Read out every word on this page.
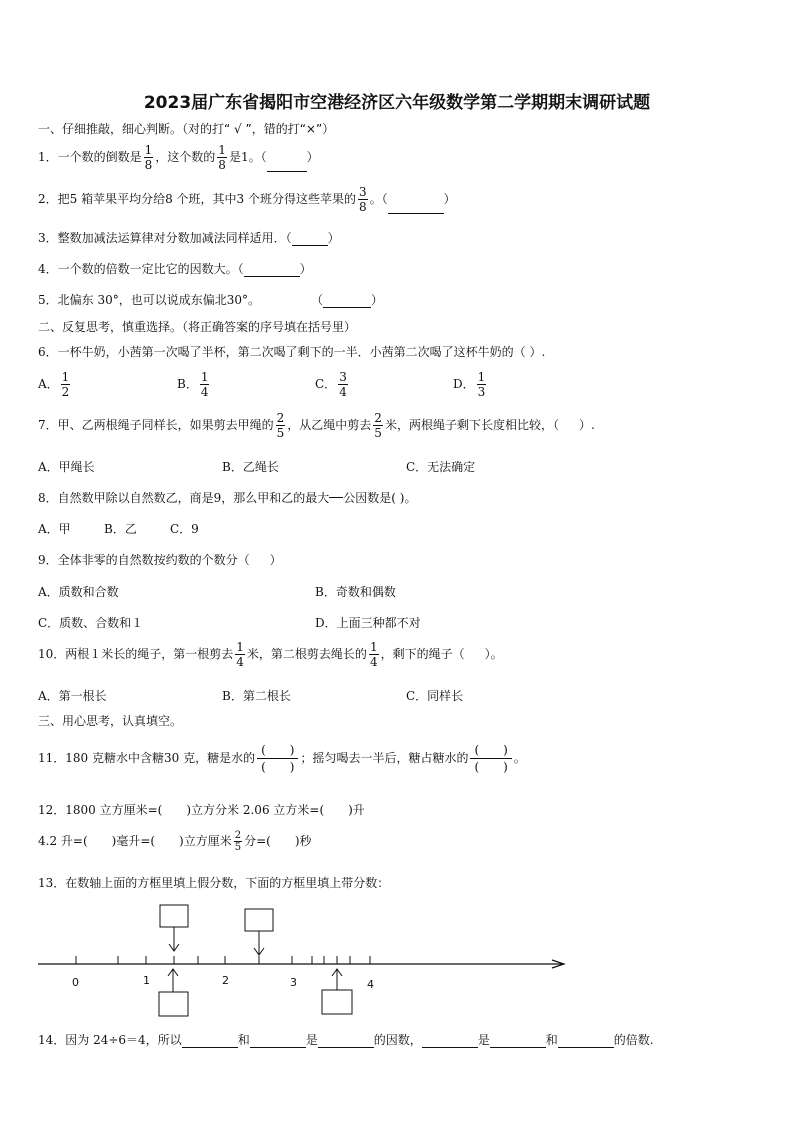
2023届广东省揭阳市空港经济区六年级数学第二学期期末调研试题
一、仔细推敲，细心判断。（对的打“ √ ”，错的打“×”）
1．一个数的倒数是 $\frac{1}{8}$ ，这个数的 $\frac{1}{8}$ 是1。（	）
2．把5 箱苹果平均分给8 个班，其中3 个班分得这些苹果的 $\frac{3}{8}$ 。（	）
3．整数加减法运算律对分数加减法同样适用．（	）
4．一个数的倍数一定比它的因数大。（	）
5．北偏东 30°，也可以说成东偏北30°。	（	）
二、反复思考，慎重选择。（将正确答案的序号填在括号里）
6．一杯牛奶，小茜第一次喝了半杯，第二次喝了剩下的一半．小茜第二次喝了这杯牛奶的（ ）.
A． $\frac{1}{2}$	B． $\frac{1}{4}$	C． $\frac{3}{4}$	D． $\frac{1}{3}$
7．甲、乙两根绳子同样长，如果剪去甲绳的 $\frac{2}{5}$ ，从乙绳中剪去 $\frac{2}{5}$ 米，两根绳子剩下长度相比较，（ ）.
A．甲绳长	B．乙绳长	C．无法确定
8．自然数甲除以自然数乙，商是9，那么甲和乙的最大 公因数是( )。
A．甲	B．乙	C．9
9．全体非零的自然数按约数的个数分（ ）
A．质数和合数	B．奇数和偶数
C．质数、合数和１	D．上面三种都不对
10．两根１米长的绳子，第一根剪去 $\frac{1}{4}$ 米，第二根剪去绳长的 $\frac{1}{4}$ ，剩下的绳子（ ）。
A．第一根长	B．第二根长	C．同样长
三、用心思考，认真填空。
11．180 克糖水中含糖30 克，糖是水的
(　　)
(　　)
；摇匀喝去一半后，糖占糖水的
(　　)
(　　)
。
12．1800 立方厘米=(　　)立方分米 2.06 立方米=(　　)升
4.2 升=(　　)毫升=(　　)立方厘米 $\frac{2}{5}$ 分=(　　)秒
13．在数轴上面的方框里填上假分数，下面的方框里填上带分数：
0	1	2	3	4
14．因为 24÷6＝4，所以	和	是	的因数，	是	和	的倍数.
